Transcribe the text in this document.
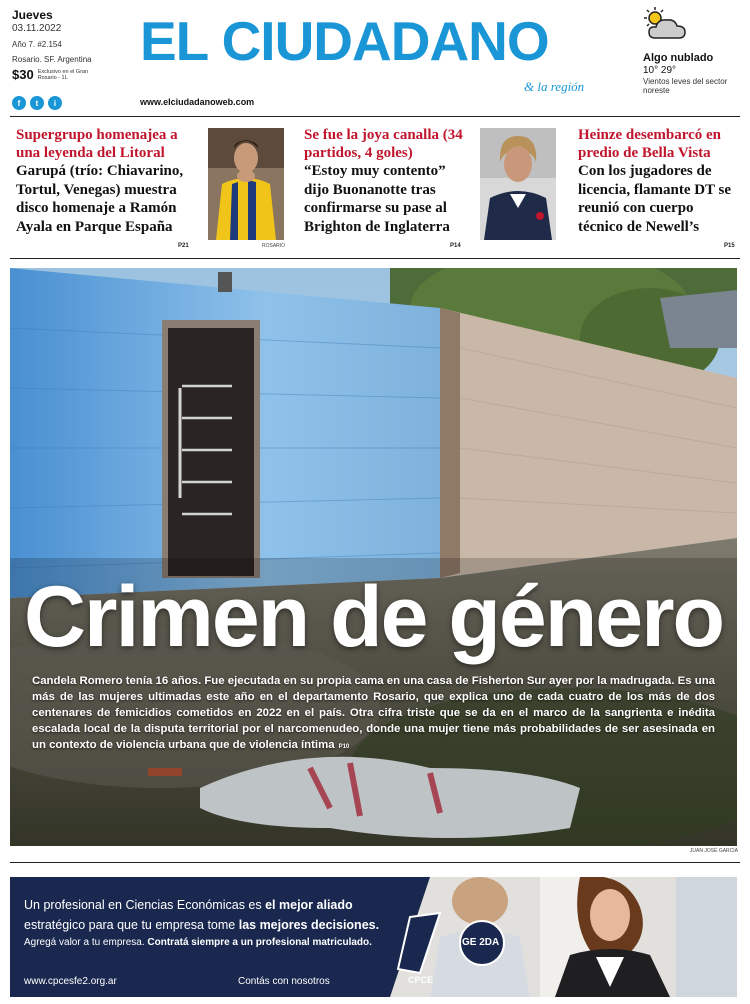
Jueves
03.11.2022
Año 7. #2.154
Rosario. SF. Argentina
$30 Exclusivo en el Gran Rosario - 1L
f	t	i
EL CIUDADANO
& la región
www.elciudadanoweb.com
Algo nublado
10° 29°
Vientos leves del sector noreste
Supergrupo homenajea a una leyenda del Litoral
Garupá (trío: Chiavarino, Tortul, Venegas) muestra disco homenaje a Ramón Ayala en Parque España
P21	ROSARIO
Se fue la joya canalla (34 partidos, 4 goles)
“Estoy muy contento” dijo Buonanotte tras confirmarse su pase al Brighton de Inglaterra
P14
Heinze desembarcó en predio de Bella Vista
Con los jugadores de licencia, flamante DT se reunió con cuerpo técnico de Newell’s
P15
Crimen de género
Candela Romero tenía 16 años. Fue ejecutada en su propia cama en una casa de Fisherton Sur ayer por la madrugada. Es una más de las mujeres ultimadas este año en el departamento Rosario, que explica uno de cada cuatro de los más de dos centenares de femicidios cometidos en 2022 en el país. Otra cifra triste que se da en el marco de la sangrienta e inédita escalada local de la disputa territorial por el narcomenudeo, donde una mujer tiene más probabilidades de ser asesinada en un contexto de violencia urbana que de violencia íntima P10
JUAN JOSÉ GARCÍA
Un profesional en Ciencias Económicas es el mejor aliado
estratégico para que tu empresa tome las mejores decisiones.
Agregá valor a tu empresa. Contratá siempre a un profesional matriculado.
www.cpcesfe2.org.ar	Contás con nosotros	CPCE
GE 2DA
